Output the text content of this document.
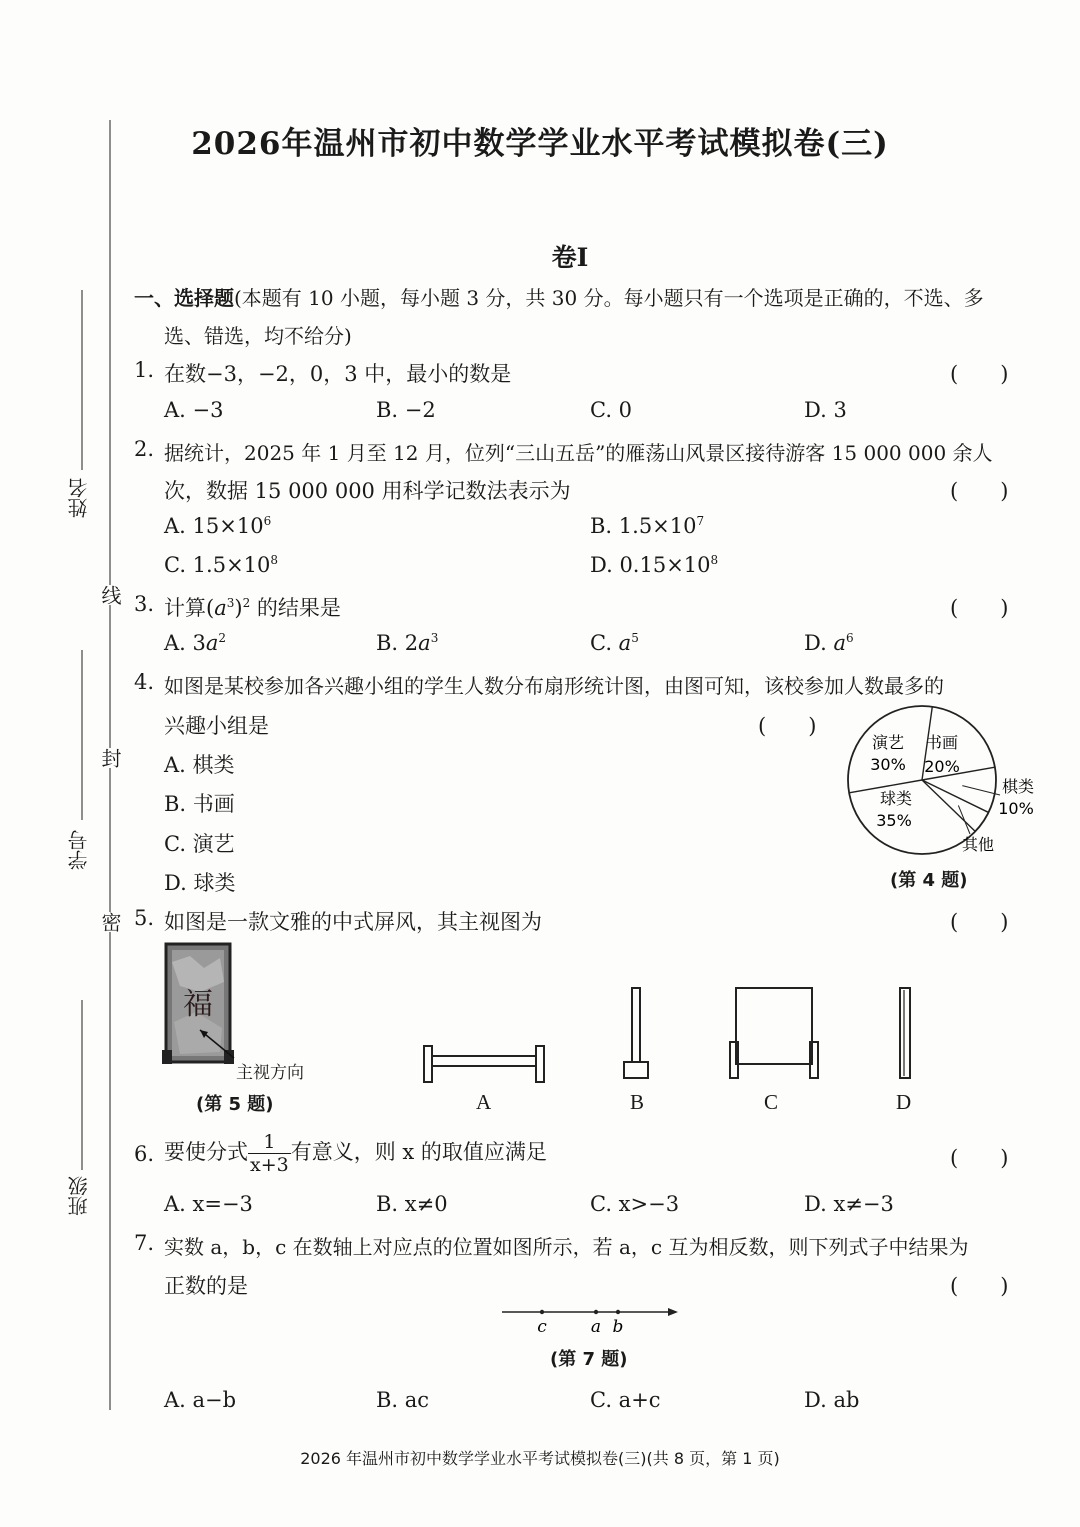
姓名
学号
班级
线
封
密
2026年温州市初中数学学业水平考试模拟卷(三)
卷Ⅰ
一、选择题(本题有 10 小题，每小题 3 分，共 30 分。每小题只有一个选项是正确的，不选、多
选、错选，均不给分)
1. 在数−3，−2，0，3 中，最小的数是	(　　)
A. −3	B. −2	C. 0	D. 3
2. 据统计，2025 年 1 月至 12 月，位列“三山五岳”的雁荡山风景区接待游客 15 000 000 余人
次，数据 15 000 000 用科学记数法表示为	(　　)
A. $15\times 10^6$	B. $1.5\times 10^7$
C. $1.5\times 10^8$	D. $0.15\times 10^8$
3. 计算$(a^3)^2$ 的结果是	(　　)
A. $3a^2$	B. $2a^3$	C. $a^5$	D. $a^6$
4. 如图是某校参加各兴趣小组的学生人数分布扇形统计图，由图可知，该校参加人数最多的
兴趣小组是	(　　)
A. 棋类
B. 书画
C. 演艺
D. 球类
演艺
30%
书画
20%
棋类
10%
其他
球类
35%
(第 4 题)
5. 如图是一款文雅的中式屏风，其主视图为	(　　)
福
主视方向
(第 5 题)	A	B	C	D
6. 要使分式 $\frac{1}{x+3}$ 有意义，则 x 的取值应满足	(　　)
A. x=−3	B. x≠0	C. x>−3	D. x≠−3
7. 实数 a，b，c 在数轴上对应点的位置如图所示，若 a，c 互为相反数，则下列式子中结果为
正数的是	(　　)
c	a b
(第 7 题)
A. a−b	B. ac	C. a+c	D. ab
2026 年温州市初中数学学业水平考试模拟卷(三)(共 8 页，第 1 页)
